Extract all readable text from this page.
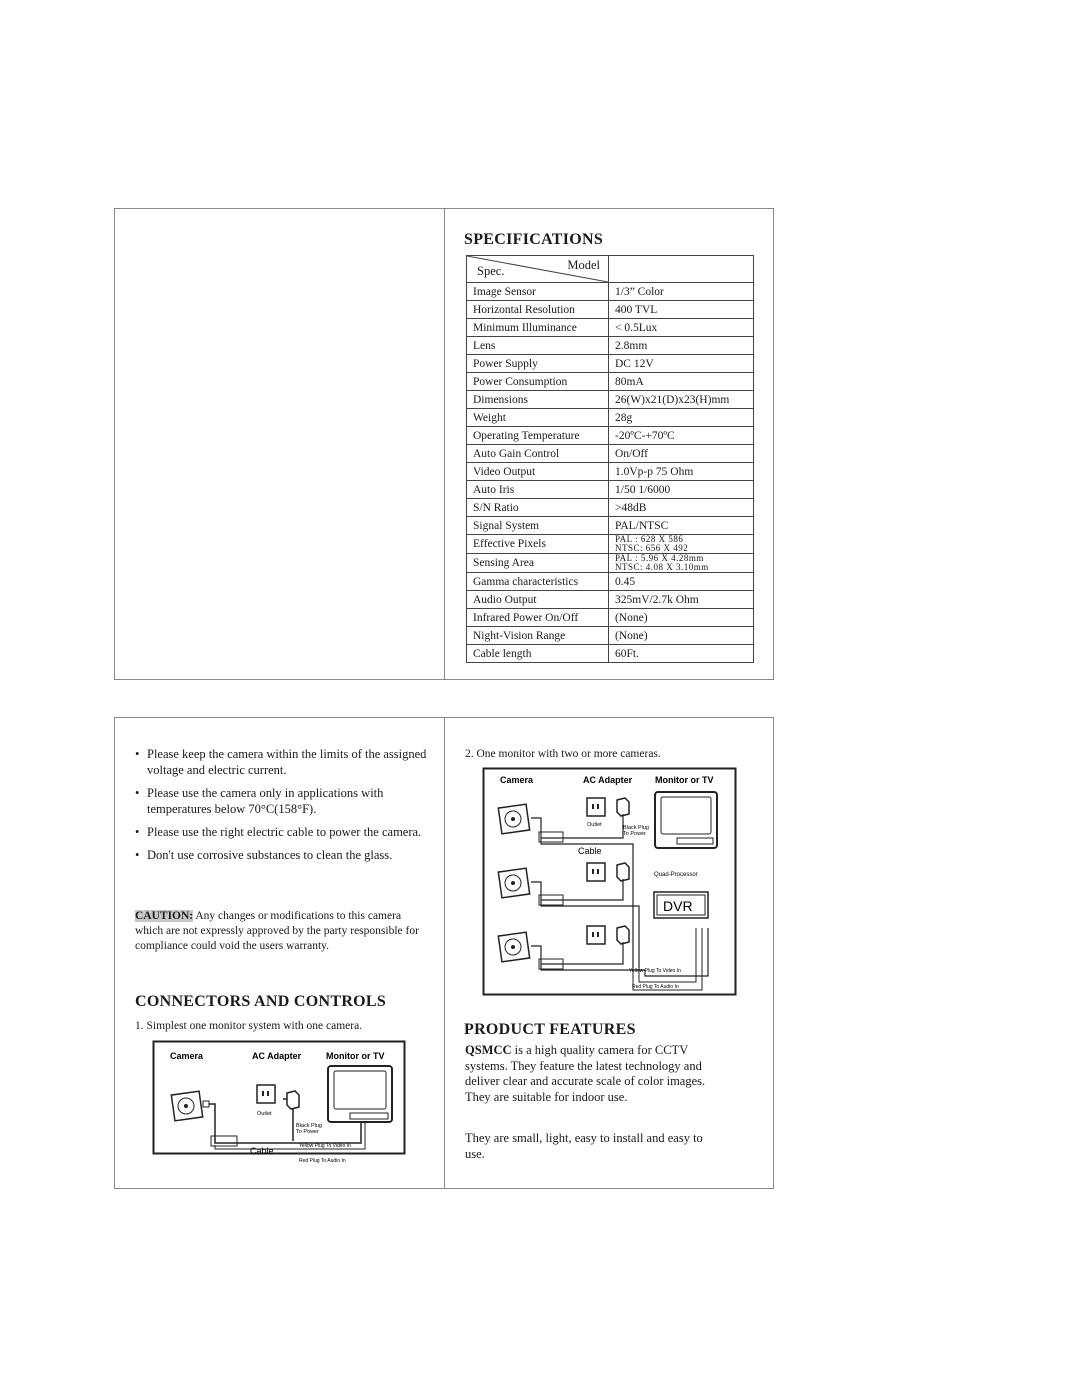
SPECIFICATIONS
Spec. Model	

Image Sensor	1/3” Color
Horizontal Resolution	400 TVL
Minimum Illuminance	< 0.5Lux
Lens	2.8mm
Power Supply	DC 12V
Power Consumption	80mA
Dimensions	26(W)x21(D)x23(H)mm
Weight	28g
Operating Temperature	-20ºC-+70ºC
Auto Gain Control	On/Off
Video Output	1.0Vp-p 75 Ohm
Auto Iris	1/50 1/6000
S/N Ratio	>48dB
Signal System	PAL/NTSC
Effective Pixels	PAL : 628 X 586
NTSC: 656 X 492

Sensing Area	PAL : 5.96 X 4.28mm
NTSC: 4.08 X 3.10mm

Gamma characteristics	0.45
Audio Output	325mV/2.7k Ohm
Infrared Power On/Off	(None)
Night-Vision Range	(None)
Cable length	60Ft.
• Please keep the camera within the limits of the assigned voltage and electric current.
• Please use the camera only in applications with temperatures below 70°C(158°F).
• Please use the right electric cable to power the camera.
• Don't use corrosive substances to clean the glass.
CAUTION: Any changes or modifications to this camera which are not expressly approved by the party responsible for compliance could void the users warranty.
CONNECTORS AND CONTROLS
1. Simplest one monitor system with one camera.
Camera	AC Adapter	Monitor or TV
Outlet
Black Plug
To Power
Cable	Yellow Plug To Video In
Red Plug To Audio In
2. One monitor with two or more cameras.
Camera	AC Adapter	Monitor or TV
Outlet	Black Plug
To Power
Quad-Processor
DVR
Cable
Yellow Plug To Video In
Red Plug To Audio In
PRODUCT FEATURES
QSMCC is a high quality camera for CCTV systems. They feature the latest technology and deliver clear and accurate scale of color images. They are suitable for indoor use.
They are small, light, easy to install and easy to use.
